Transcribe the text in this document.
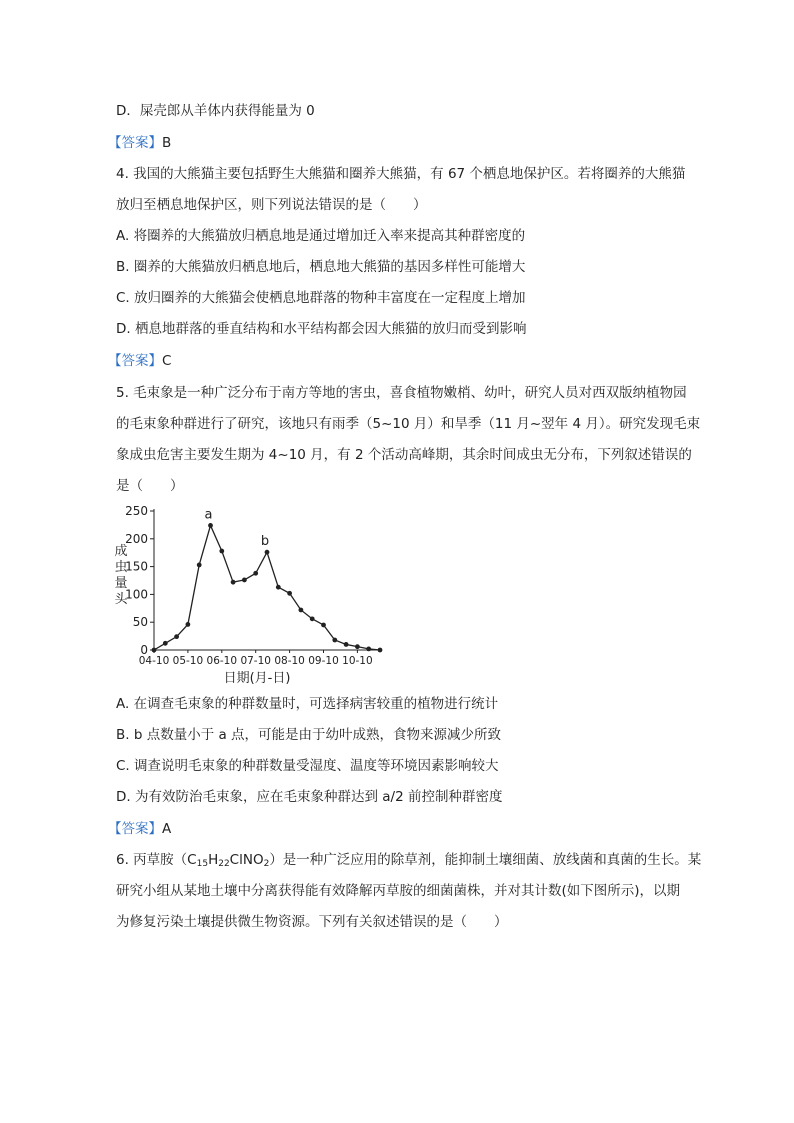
D．屎壳郎从羊体内获得能量为 0
【答案】B
4. 我国的大熊猫主要包括野生大熊猫和圈养大熊猫，有 67 个栖息地保护区。若将圈养的大熊猫
放归至栖息地保护区，则下列说法错误的是（　　）
A. 将圈养的大熊猫放归栖息地是通过增加迁入率来提高其种群密度的
B. 圈养的大熊猫放归栖息地后，栖息地大熊猫的基因多样性可能增大
C. 放归圈养的大熊猫会使栖息地群落的物种丰富度在一定程度上增加
D. 栖息地群落的垂直结构和水平结构都会因大熊猫的放归而受到影响
【答案】C
5. 毛束象是一种广泛分布于南方等地的害虫，喜食植物嫩梢、幼叶，研究人员对西双版纳植物园
的毛束象种群进行了研究，该地只有雨季（5~10 月）和旱季（11 月~翌年 4 月）。研究发现毛束
象成虫危害主要发生期为 4~10 月，有 2 个活动高峰期，其余时间成虫无分布，下列叙述错误的
是（　　）
0
50
100
150
200
250
04-10 05-10 06-10 07-10 08-10 09-10 10-10
a
b
成
虫
量
头
日期(月-日)
A. 在调查毛束象的种群数量时，可选择病害较重的植物进行统计
B. b 点数量小于 a 点，可能是由于幼叶成熟，食物来源减少所致
C. 调查说明毛束象的种群数量受湿度、温度等环境因素影响较大
D. 为有效防治毛束象，应在毛束象种群达到 a/2 前控制种群密度
【答案】A
6. 丙草胺$(C_{15}H_{22}ClNO_2)$是一种广泛应用的除草剂，能抑制土壤细菌、放线菌和真菌的生长。某
研究小组从某地土壤中分离获得能有效降解丙草胺的细菌菌株，并对其计数(如下图所示)，以期
为修复污染土壤提供微生物资源。下列有关叙述错误的是（　　）
